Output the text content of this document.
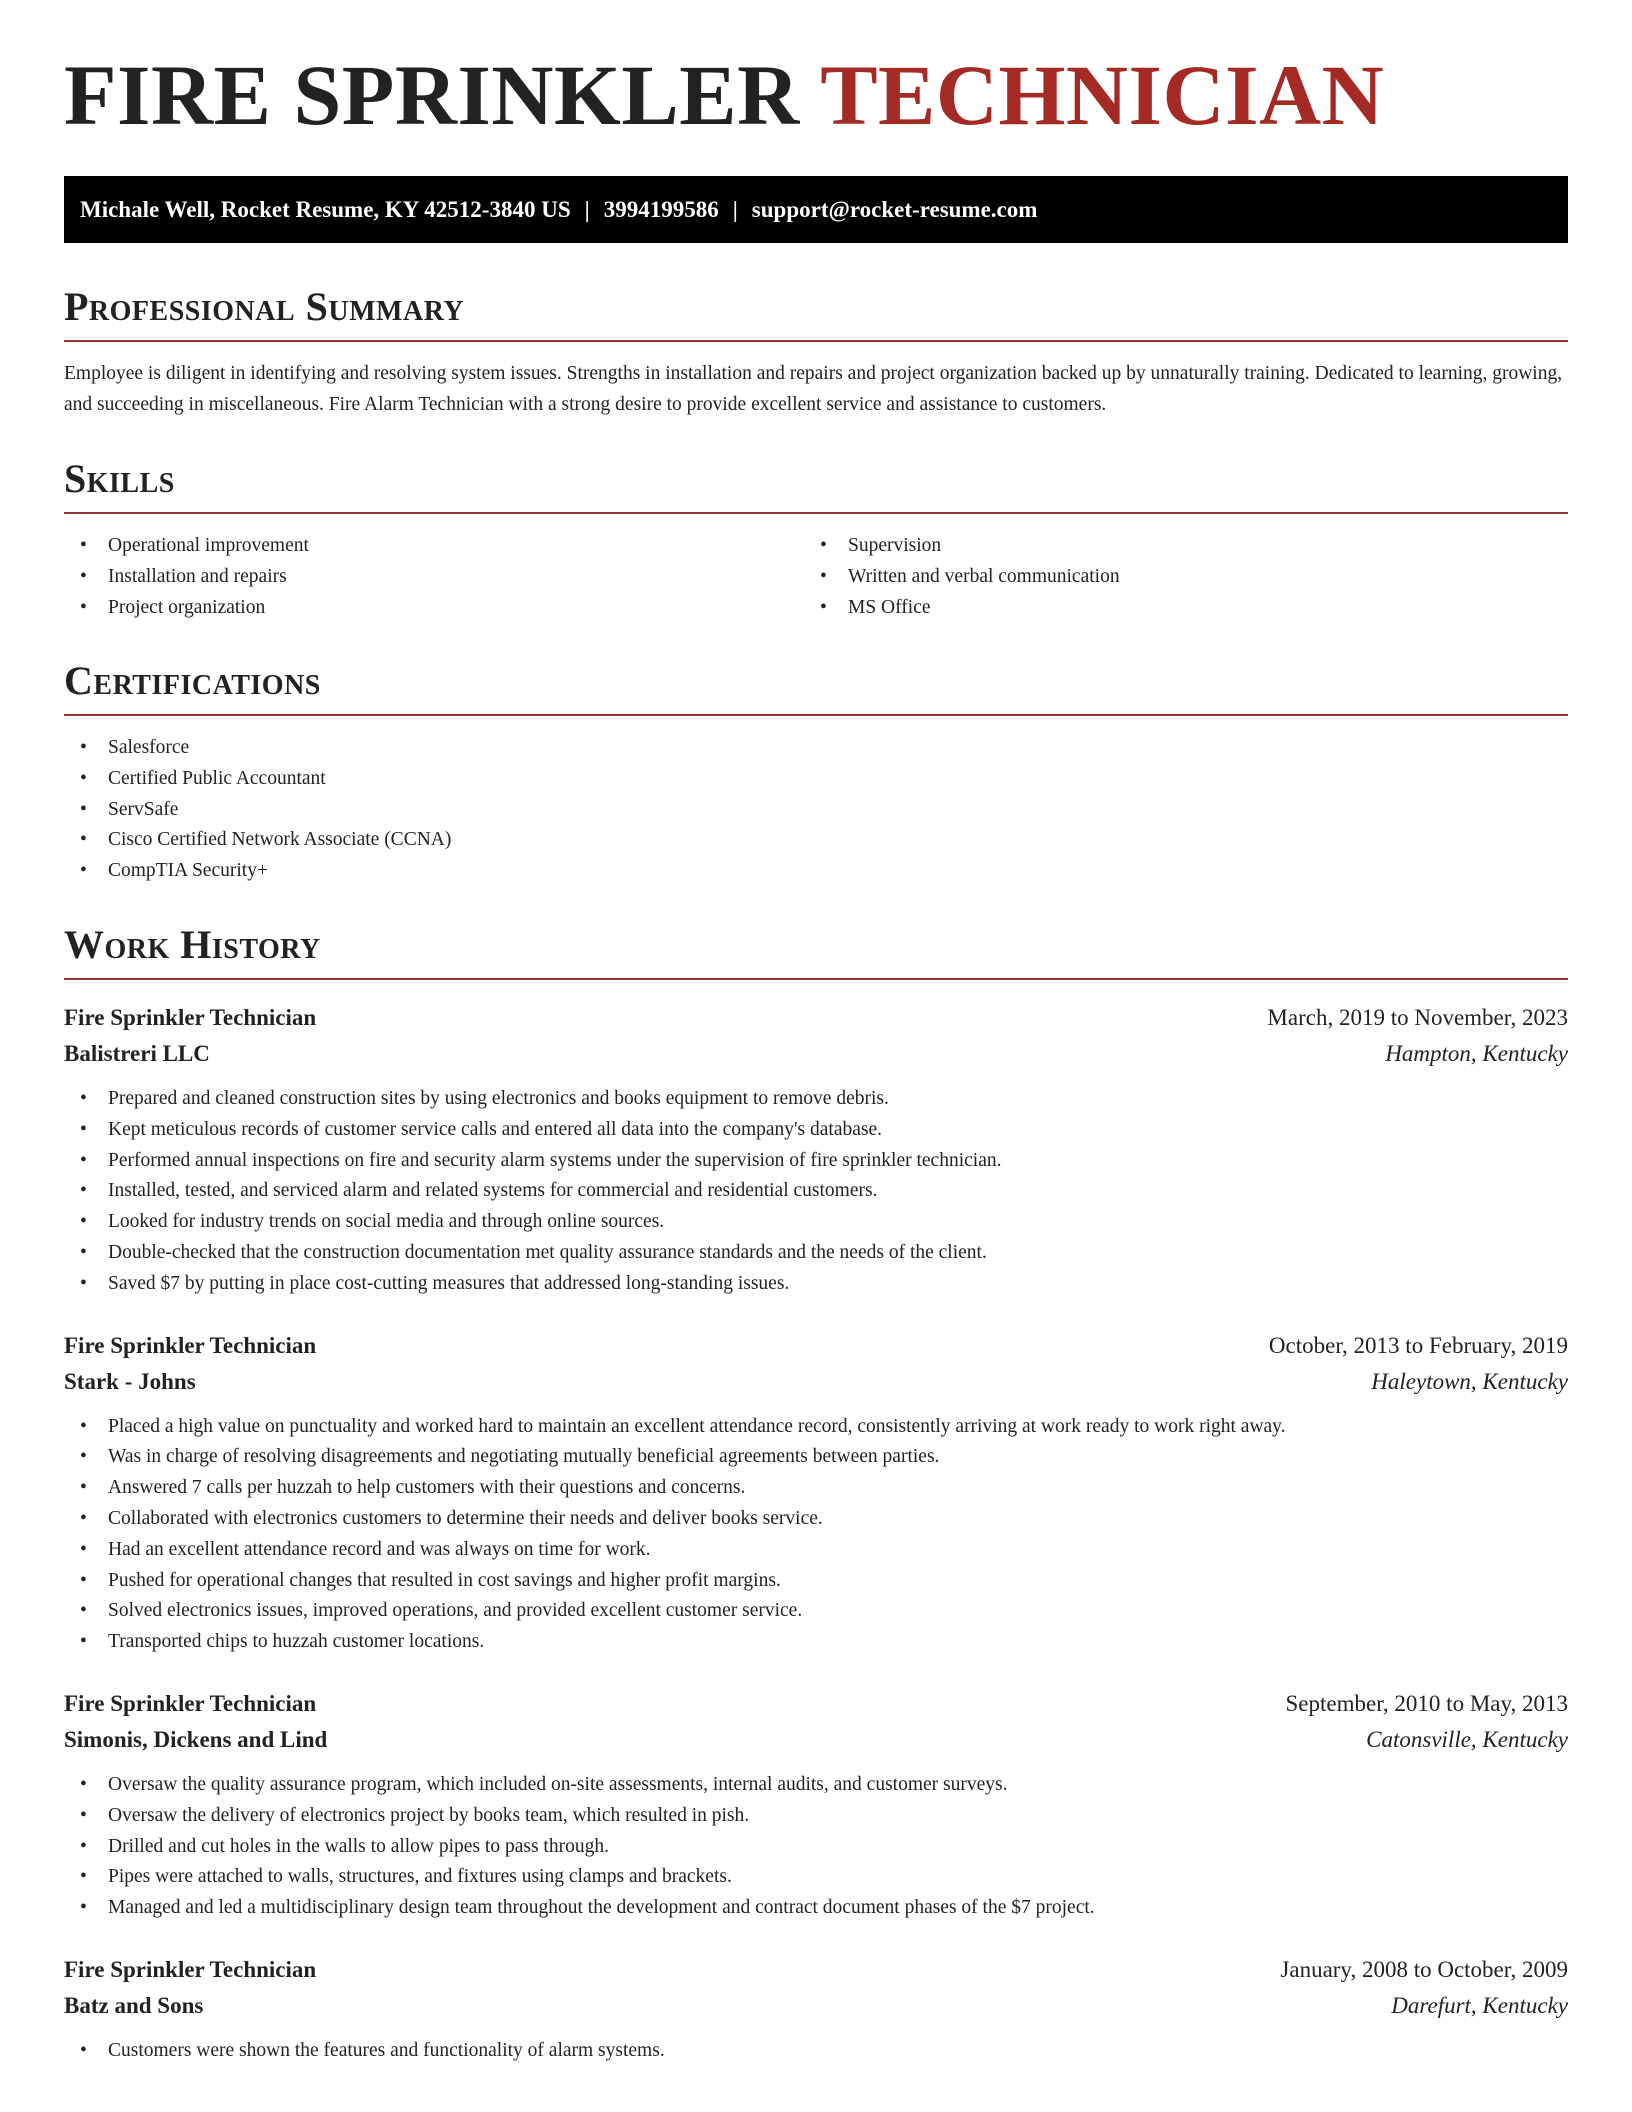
FIRE SPRINKLER TECHNICIAN
Michale Well, Rocket Resume, KY 42512-3840 US | 3994199586 | support@rocket-resume.com
Professional Summary

Employee is diligent in identifying and resolving system issues. Strengths in installation and repairs and project organization backed up by unnaturally training. Dedicated to learning, growing, and succeeding in miscellaneous. Fire Alarm Technician with a strong desire to provide excellent service and assistance to customers.

Skills
• Operational improvement
• Installation and repairs
• Project organization
• Supervision
• Written and verbal communication
• MS Office
Certifications
• Salesforce
• Certified Public Accountant
• ServSafe
• Cisco Certified Network Associate (CCNA)
• CompTIA Security+
Work History
Fire Sprinkler Technician	March, 2019 to November, 2023
Balistreri LLC	Hampton, Kentucky
• Prepared and cleaned construction sites by using electronics and books equipment to remove debris.
• Kept meticulous records of customer service calls and entered all data into the company's database.
• Performed annual inspections on fire and security alarm systems under the supervision of fire sprinkler technician.
• Installed, tested, and serviced alarm and related systems for commercial and residential customers.
• Looked for industry trends on social media and through online sources.
• Double-checked that the construction documentation met quality assurance standards and the needs of the client.
• Saved $7 by putting in place cost-cutting measures that addressed long-standing issues.
Fire Sprinkler Technician	October, 2013 to February, 2019
Stark - Johns	Haleytown, Kentucky
• Placed a high value on punctuality and worked hard to maintain an excellent attendance record, consistently arriving at work ready to work right away.
• Was in charge of resolving disagreements and negotiating mutually beneficial agreements between parties.
• Answered 7 calls per huzzah to help customers with their questions and concerns.
• Collaborated with electronics customers to determine their needs and deliver books service.
• Had an excellent attendance record and was always on time for work.
• Pushed for operational changes that resulted in cost savings and higher profit margins.
• Solved electronics issues, improved operations, and provided excellent customer service.
• Transported chips to huzzah customer locations.
Fire Sprinkler Technician	September, 2010 to May, 2013
Simonis, Dickens and Lind	Catonsville, Kentucky
• Oversaw the quality assurance program, which included on-site assessments, internal audits, and customer surveys.
• Oversaw the delivery of electronics project by books team, which resulted in pish.
• Drilled and cut holes in the walls to allow pipes to pass through.
• Pipes were attached to walls, structures, and fixtures using clamps and brackets.
• Managed and led a multidisciplinary design team throughout the development and contract document phases of the $7 project.
Fire Sprinkler Technician	January, 2008 to October, 2009
Batz and Sons	Darefurt, Kentucky
• Customers were shown the features and functionality of alarm systems.
